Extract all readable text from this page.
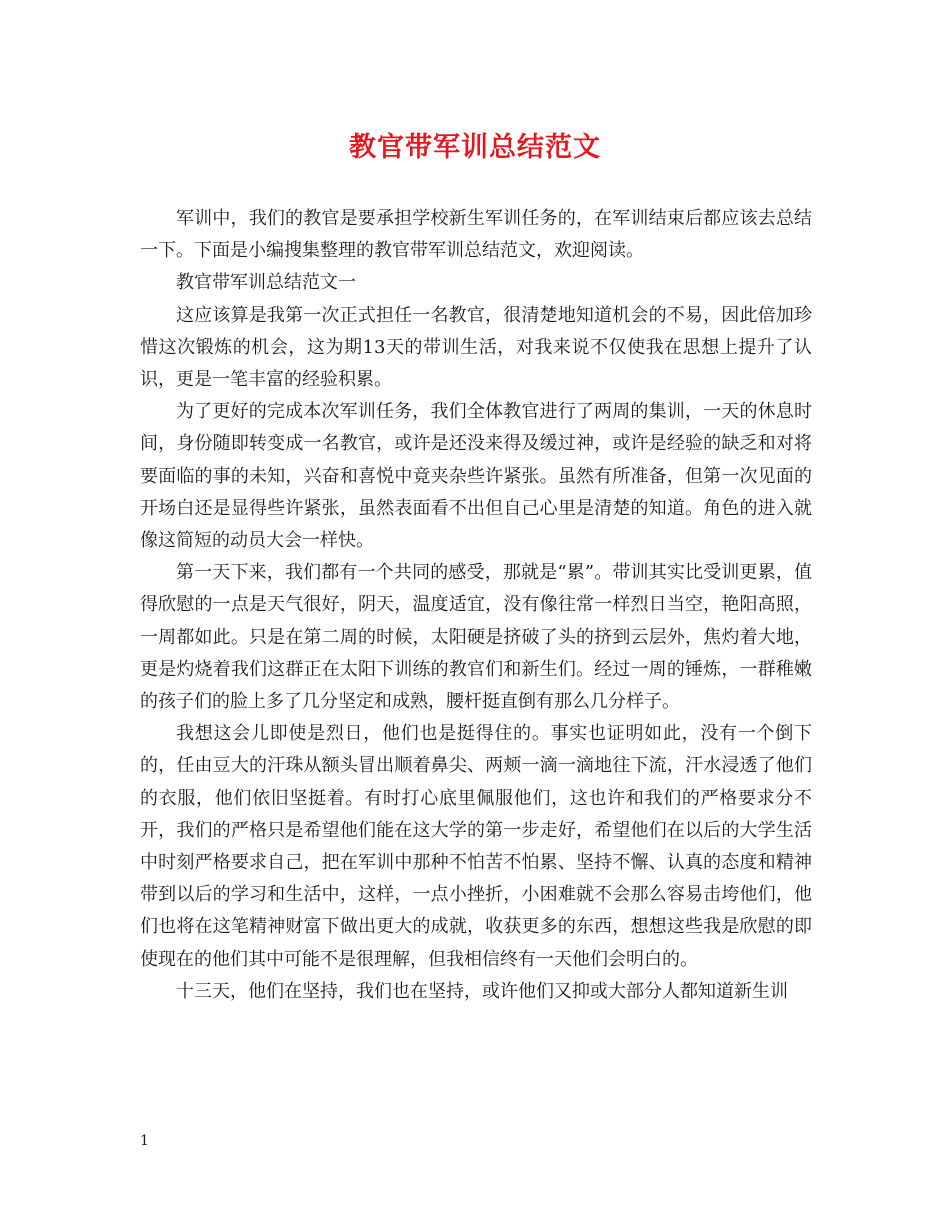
教官带军训总结范文

军训中，我们的教官是要承担学校新生军训任务的，在军训结束后都应该去总结一下。下面是小编搜集整理的教官带军训总结范文，欢迎阅读。

教官带军训总结范文一

这应该算是我第一次正式担任一名教官，很清楚地知道机会的不易，因此倍加珍惜这次锻炼的机会，这为期13天的带训生活，对我来说不仅使我在思想上提升了认识，更是一笔丰富的经验积累。

为了更好的完成本次军训任务，我们全体教官进行了两周的集训，一天的休息时间，身份随即转变成一名教官，或许是还没来得及缓过神，或许是经验的缺乏和对将要面临的事的未知，兴奋和喜悦中竟夹杂些许紧张。虽然有所准备，但第一次见面的开场白还是显得些许紧张，虽然表面看不出但自己心里是清楚的知道。角色的进入就像这简短的动员大会一样快。

第一天下来，我们都有一个共同的感受，那就是“累”。带训其实比受训更累，值得欣慰的一点是天气很好，阴天，温度适宜，没有像往常一样烈日当空，艳阳高照，一周都如此。只是在第二周的时候，太阳硬是挤破了头的挤到云层外，焦灼着大地，更是灼烧着我们这群正在太阳下训练的教官们和新生们。经过一周的锤炼，一群稚嫩的孩子们的脸上多了几分坚定和成熟，腰杆挺直倒有那么几分样子。

我想这会儿即使是烈日，他们也是挺得住的。事实也证明如此，没有一个倒下的，任由豆大的汗珠从额头冒出顺着鼻尖、两颊一滴一滴地往下流，汗水浸透了他们的衣服，他们依旧坚挺着。有时打心底里佩服他们，这也许和我们的严格要求分不开，我们的严格只是希望他们能在这大学的第一步走好，希望他们在以后的大学生活中时刻严格要求自己，把在军训中那种不怕苦不怕累、坚持不懈、认真的态度和精神带到以后的学习和生活中，这样，一点小挫折，小困难就不会那么容易击垮他们，他们也将在这笔精神财富下做出更大的成就，收获更多的东西，想想这些我是欣慰的即使现在的他们其中可能不是很理解，但我相信终有一天他们会明白的。

十三天，他们在坚持，我们也在坚持，或许他们又抑或大部分人都知道新生训

1
